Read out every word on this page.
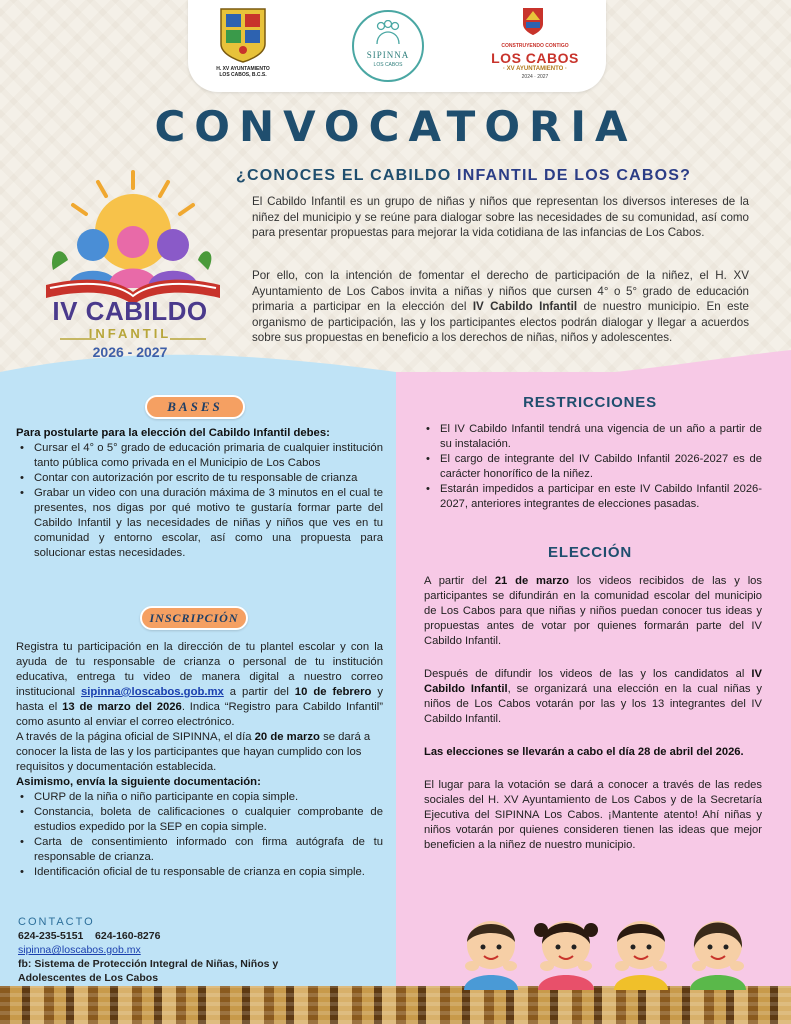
H. XV AYUNTAMIENTO
LOS CABOS, B.C.S.
SIPINNA
LOS CABOS
CONSTRUYENDO CONTIGO
LOS CABOS
· XV AYUNTAMIENTO ·
2024 · 2027
CONVOCATORIA
IV CABILDO
INFANTIL
2026 - 2027
¿CONOCES EL CABILDO INFANTIL DE LOS CABOS?

El Cabildo Infantil es un grupo de niñas y niños que representan los diversos intereses de la niñez del municipio y se reúne para dialogar sobre las necesidades de su comunidad, así como para presentar propuestas para mejorar la vida cotidiana de las infancias de Los Cabos.

Por ello, con la intención de fomentar el derecho de participación de la niñez, el H. XV Ayuntamiento de Los Cabos invita a niñas y niños que cursen 4° o 5° grado de educación primaria a participar en la elección del IV Cabildo Infantil de nuestro municipio. En este organismo de participación, las y los participantes electos podrán dialogar y llegar a acuerdos sobre sus propuestas en beneficio a los derechos de niñas, niños y adolescentes.

BASES
Para postularte para la elección del Cabildo Infantil debes:
• Cursar el 4° o 5° grado de educación primaria de cualquier institución tanto pública como privada en el Municipio de Los Cabos
• Contar con autorización por escrito de tu responsable de crianza
• Grabar un video con una duración máxima de 3 minutos en el cual te presentes, nos digas por qué motivo te gustaría formar parte del Cabildo Infantil y las necesidades de niñas y niños que ves en tu comunidad y entorno escolar, así como una propuesta para solucionar estas necesidades.
INSCRIPCIÓN

Registra tu participación en la dirección de tu plantel escolar y con la ayuda de tu responsable de crianza o personal de tu institución educativa, entrega tu video de manera digital a nuestro correo institucional sipinna@loscabos.gob.mx a partir del 10 de febrero y hasta el 13 de marzo del 2026. Indica “Registro para Cabildo Infantil” como asunto al enviar el correo electrónico.

A través de la página oficial de SIPINNA, el día 20 de marzo se dará a conocer la lista de las y los participantes que hayan cumplido con los requisitos y documentación establecida.

Asimismo, envía la siguiente documentación:
• CURP de la niña o niño participante en copia simple.
• Constancia, boleta de calificaciones o cualquier comprobante de estudios expedido por la SEP en copia simple.
• Carta de consentimiento informado con firma autógrafa de tu responsable de crianza.
• Identificación oficial de tu responsable de crianza en copia simple.
CONTACTO
624-235-5151    624-160-8276
sipinna@loscabos.gob.mx
fb: Sistema de Protección Integral de Niñas, Niños y
Adolescentes de Los Cabos
RESTRICCIONES
• El IV Cabildo Infantil tendrá una vigencia de un año a partir de su instalación.
• El cargo de integrante del IV Cabildo Infantil 2026-2027 es de carácter honorífico de la niñez.
• Estarán impedidos a participar en este IV Cabildo Infantil 2026-2027, anteriores integrantes de elecciones pasadas.
ELECCIÓN

A partir del 21 de marzo los videos recibidos de las y los participantes se difundirán en la comunidad escolar del municipio de Los Cabos para que niñas y niños puedan conocer tus ideas y propuestas antes de votar por quienes formarán parte del IV Cabildo Infantil.

Después de difundir los videos de las y los candidatos al IV Cabildo Infantil, se organizará una elección en la cual niñas y niños de Los Cabos votarán por las y los 13 integrantes del IV Cabildo Infantil.

Las elecciones se llevarán a cabo el día 28 de abril del 2026.

El lugar para la votación se dará a conocer a través de las redes sociales del H. XV Ayuntamiento de Los Cabos y de la Secretaría Ejecutiva del SIPINNA Los Cabos. ¡Mantente atento! Ahí niñas y niños votarán por quienes consideren tienen las ideas que mejor beneficien a la niñez de nuestro municipio.
